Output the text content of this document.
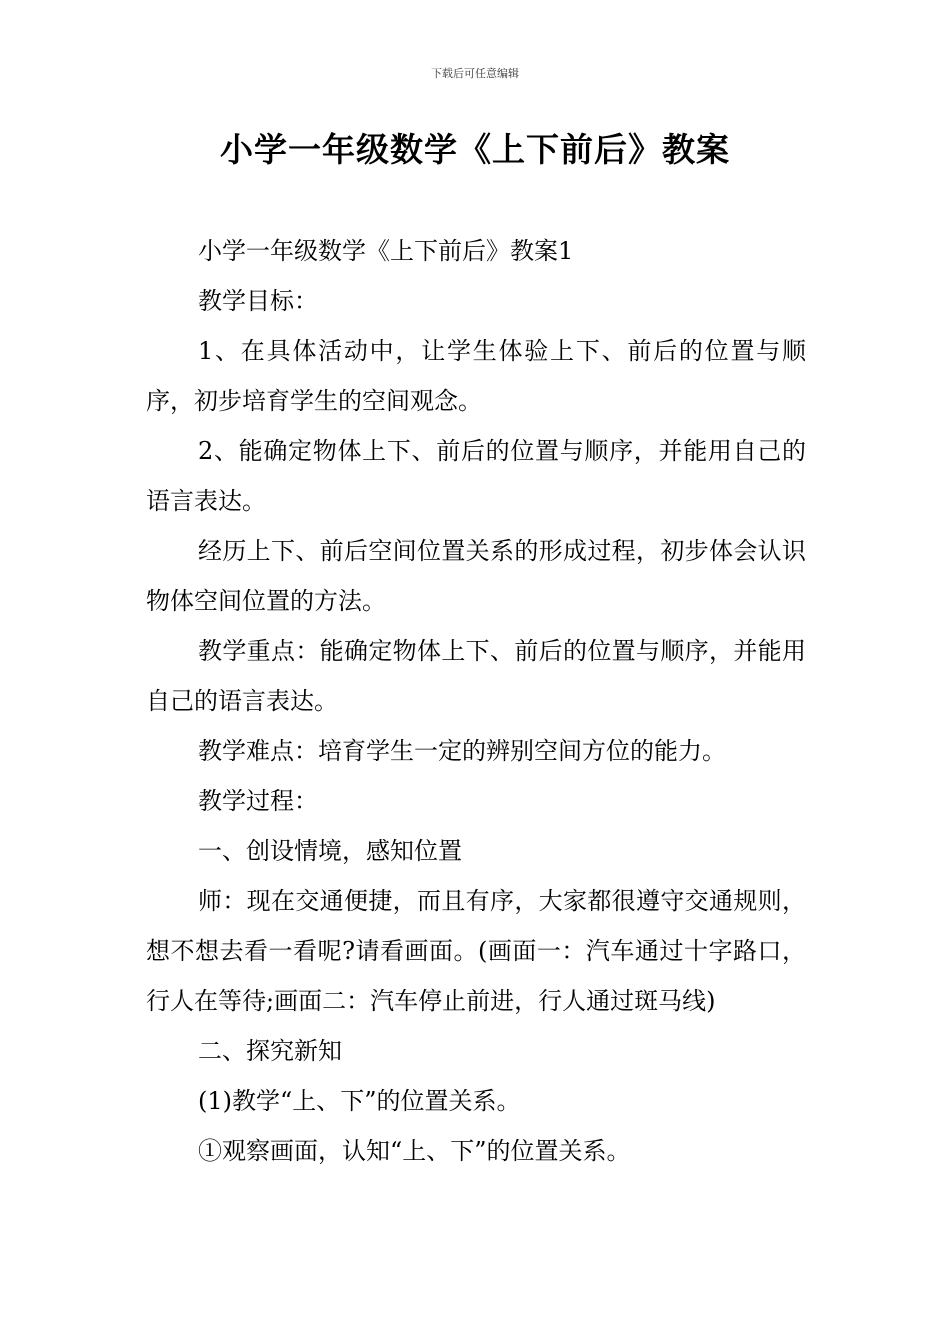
下载后可任意编辑
小学一年级数学《上下前后》教案

小学一年级数学《上下前后》教案1

教学目标：

1、在具体活动中，让学生体验上下、前后的位置与顺序，初步培育学生的空间观念。

2、能确定物体上下、前后的位置与顺序，并能用自己的语言表达。

经历上下、前后空间位置关系的形成过程，初步体会认识物体空间位置的方法。

教学重点：能确定物体上下、前后的位置与顺序，并能用自己的语言表达。

教学难点：培育学生一定的辨别空间方位的能力。

教学过程：

一、创设情境，感知位置

师：现在交通便捷，而且有序，大家都很遵守交通规则，想不想去看一看呢?请看画面。(画面一：汽车通过十字路口，行人在等待;画面二：汽车停止前进，行人通过斑马线)

二、探究新知

(1)教学“上、下”的位置关系。

①观察画面，认知“上、下”的位置关系。
